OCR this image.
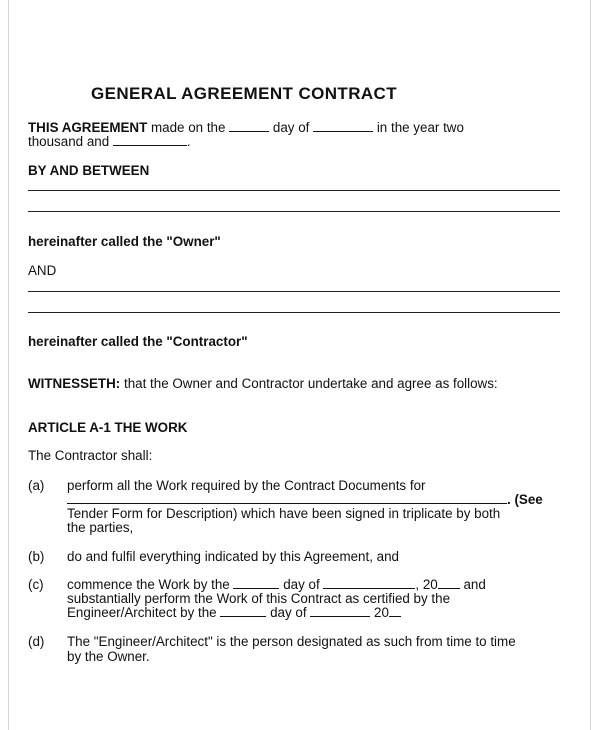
GENERAL AGREEMENT CONTRACT
THIS AGREEMENT made on the	day of	in the year two
thousand and	.
BY AND BETWEEN
hereinafter called the "Owner"
AND
hereinafter called the "Contractor"
WITNESSETH: that the Owner and Contractor undertake and agree as follows:
ARTICLE A-1 THE WORK
The Contractor shall:
(a) perform all the Work required by the Contract Documents for
. (See
Tender Form for Description) which have been signed in triplicate by both
the parties,
(b) do and fulfil everything indicated by this Agreement, and
(c) commence the Work by the	day of	, 20 and
substantially perform the Work of this Contract as certified by the
Engineer/Architect by the	day of	20
(d) The "Engineer/Architect" is the person designated as such from time to time
by the Owner.
